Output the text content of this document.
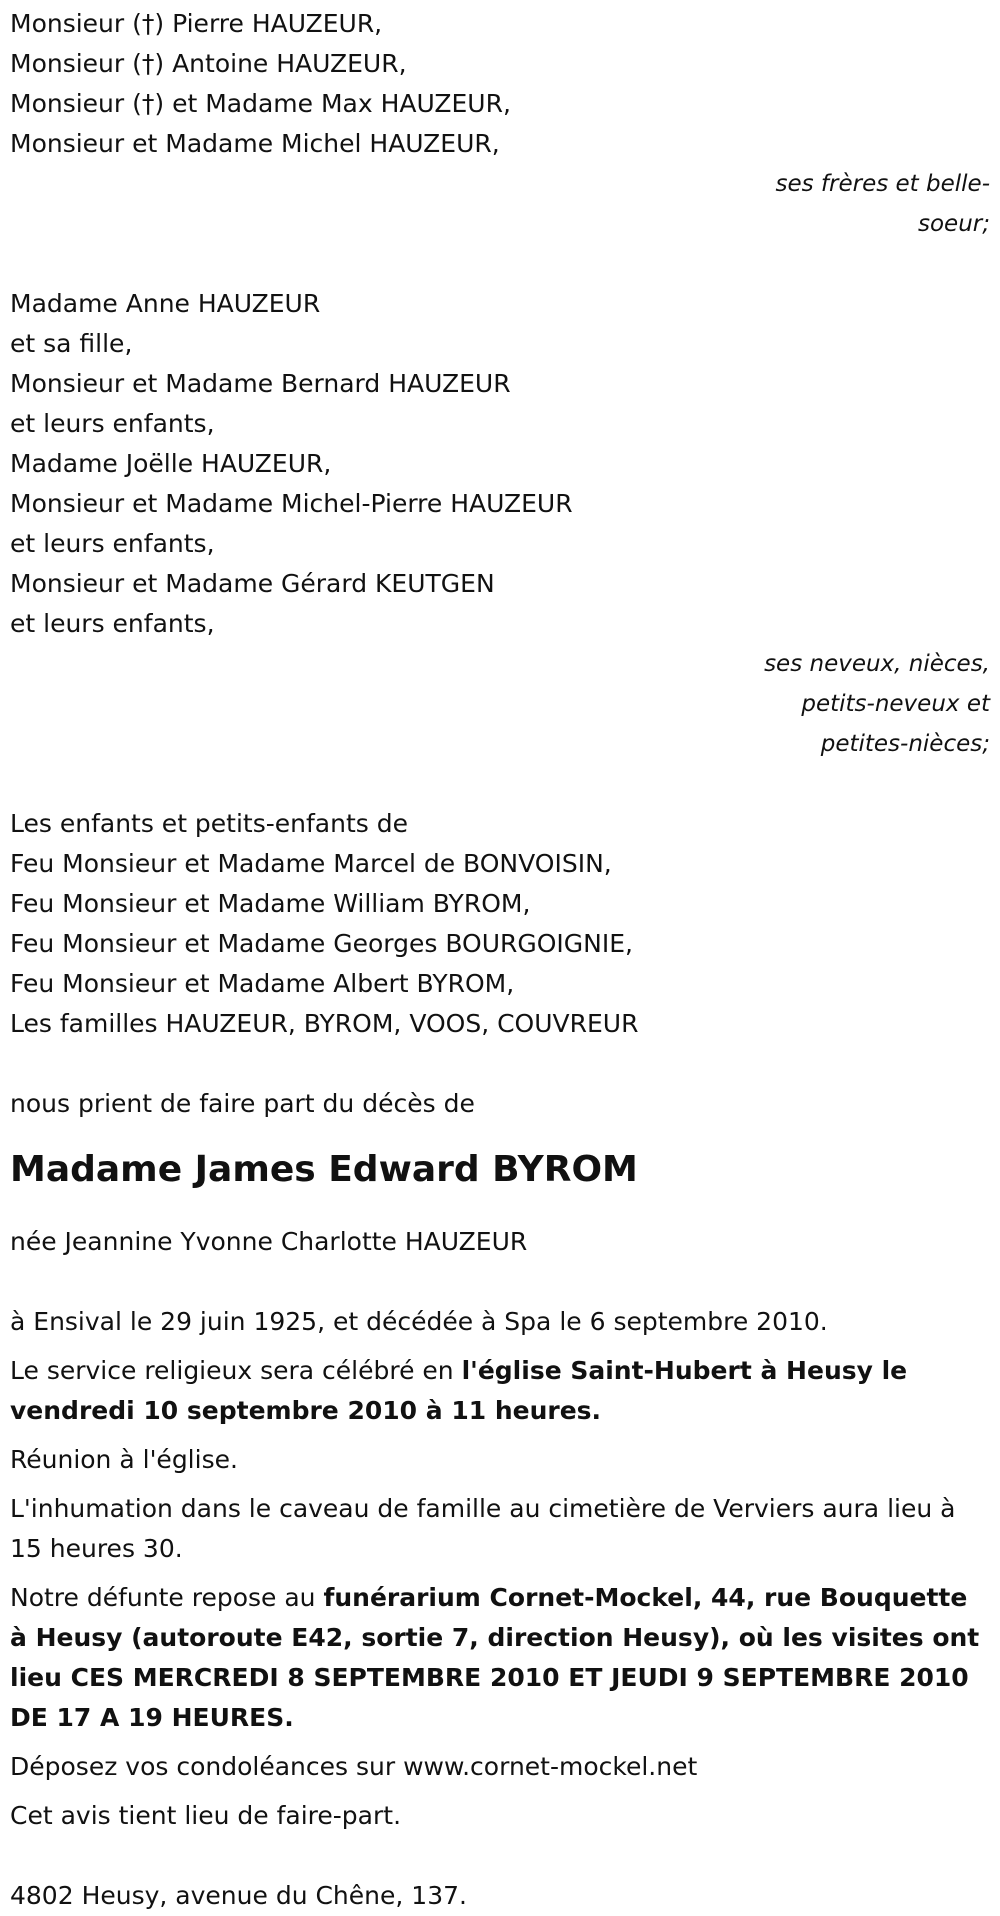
Monsieur (†) Pierre HAUZEUR,
Monsieur (†) Antoine HAUZEUR,
Monsieur (†) et Madame Max HAUZEUR,
Monsieur et Madame Michel HAUZEUR,
ses frères et belle-
soeur;
Madame Anne HAUZEUR
et sa fille,
Monsieur et Madame Bernard HAUZEUR
et leurs enfants,
Madame Joëlle HAUZEUR,
Monsieur et Madame Michel-Pierre HAUZEUR
et leurs enfants,
Monsieur et Madame Gérard KEUTGEN
et leurs enfants,
ses neveux, nièces,
petits-neveux et
petites-nièces;
Les enfants et petits-enfants de
Feu Monsieur et Madame Marcel de BONVOISIN,
Feu Monsieur et Madame William BYROM,
Feu Monsieur et Madame Georges BOURGOIGNIE,
Feu Monsieur et Madame Albert BYROM,
Les familles HAUZEUR, BYROM, VOOS, COUVREUR
nous prient de faire part du décès de
Madame James Edward BYROM
née Jeannine Yvonne Charlotte HAUZEUR
à Ensival le 29 juin 1925, et décédée à Spa le 6 septembre 2010.
Le service religieux sera célébré en l'église Saint-Hubert à Heusy le vendredi 10 septembre 2010 à 11 heures.
Réunion à l'église.
L'inhumation dans le caveau de famille au cimetière de Verviers aura lieu à 15 heures 30.
Notre défunte repose au funérarium Cornet-Mockel, 44, rue Bouquette à Heusy (autoroute E42, sortie 7, direction Heusy), où les visites ont lieu CES MERCREDI 8 SEPTEMBRE 2010 ET JEUDI 9 SEPTEMBRE 2010 DE 17 A 19 HEURES.
Déposez vos condoléances sur www.cornet-mockel.net
Cet avis tient lieu de faire-part.
4802 Heusy, avenue du Chêne, 137.
